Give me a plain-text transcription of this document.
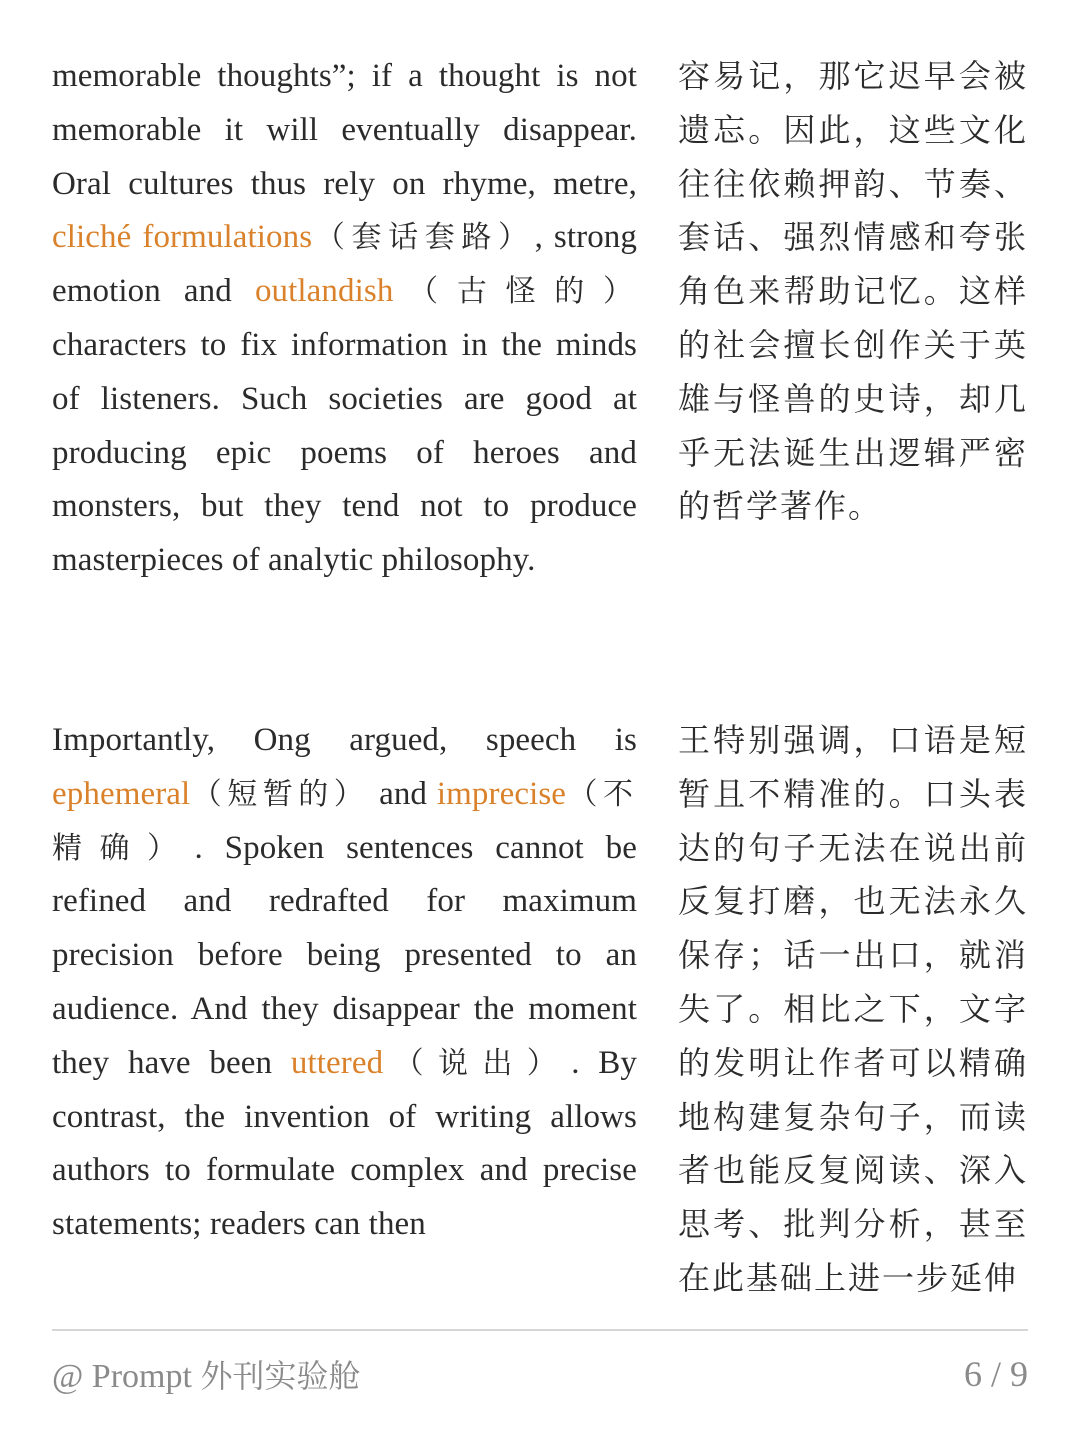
memorable thoughts”; if a thought is not memorable it will eventually disappear. Oral cultures thus rely on rhyme, metre, cliché formulations（套话套路）, strong emotion and outlandish（古怪的） characters to fix information in the minds of listeners. Such societies are good at producing epic poems of heroes and monsters, but they tend not to produce masterpieces of analytic philosophy.
容易记，那它迟早会被遗忘。因此，这些文化往往依赖押韵、节奏、套话、强烈情感和夸张角色来帮助记忆。这样的社会擅长创作关于英雄与怪兽的史诗，却几乎无法诞生出逻辑严密的哲学著作。
Importantly, Ong argued, speech is ephemeral（短暂的） and imprecise（不精确）. Spoken sentences cannot be refined and redrafted for maximum precision before being presented to an audience. And they disappear the moment they have been uttered（说出）. By contrast, the invention of writing allows authors to formulate complex and precise statements; readers can then
王特别强调，口语是短暂且不精准的。口头表达的句子无法在说出前反复打磨，也无法永久保存；话一出口，就消失了。相比之下，文字的发明让作者可以精确地构建复杂句子，而读者也能反复阅读、深入思考、批判分析，甚至在此基础上进一步延伸
@ Prompt 外刊实验舱	6 / 9
